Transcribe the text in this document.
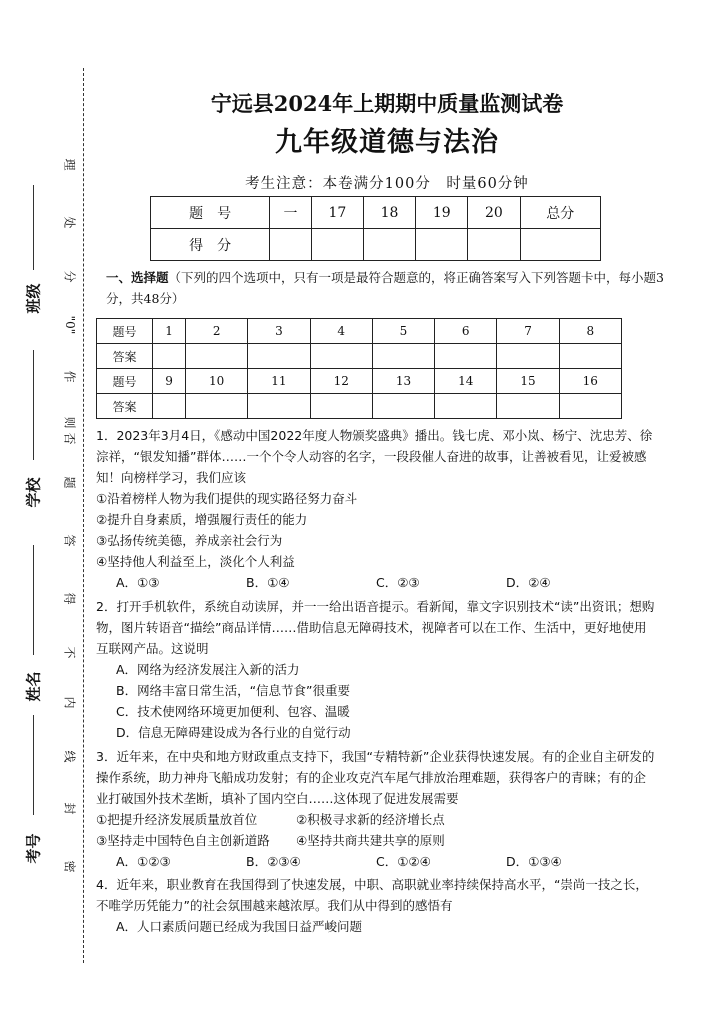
班级
学校
姓名
考号
理
处
分
"0"
作
则
否
题
答
得
不
内
线
封
密
宁远县2024年上期期中质量监测试卷
九年级道德与法治
考生注意：本卷满分100分　时量60分钟
题　号	一	17	18	19	20	总分
得　分						
一、选择题（下列的四个选项中，只有一项是最符合题意的，将正确答案写入下列答题卡中，每小题3分，共48分）
题号	1	2	3	4	5	6	7	8
答案								
题号	9	10	11	12	13	14	15	16
答案								

1．2023年3月4日，《感动中国2022年度人物颁奖盛典》播出。钱七虎、邓小岚、杨宁、沈忠芳、徐淙祥，“银发知播”群体……一个个令人动容的名字，一段段催人奋进的故事，让善被看见，让爱被感知！向榜样学习，我们应该

①沿着榜样人物为我们提供的现实路径努力奋斗

②提升自身素质，增强履行责任的能力

③弘扬传统美德，养成亲社会行为

④坚持他人利益至上，淡化个人利益

A．①③	B．①④	C．②③	D．②④

2．打开手机软件，系统自动读屏，并一一给出语音提示。看新闻，靠文字识别技术“读”出资讯；想购物，图片转语音“描绘”商品详情……借助信息无障碍技术，视障者可以在工作、生活中，更好地使用互联网产品。这说明

A．网络为经济发展注入新的活力

B．网络丰富日常生活，“信息节食”很重要

C．技术使网络环境更加便利、包容、温暖

D．信息无障碍建设成为各行业的自觉行动

3．近年来，在中央和地方财政重点支持下，我国“专精特新”企业获得快速发展。有的企业自主研发的操作系统，助力神舟飞船成功发射；有的企业攻克汽车尾气排放治理难题，获得客户的青睐；有的企业打破国外技术垄断，填补了国内空白……这体现了促进发展需要

①把提升经济发展质量放首位	②积极寻求新的经济增长点

③坚持走中国特色自主创新道路	④坚持共商共建共享的原则

A．①②③	B．②③④	C．①②④	D．①③④

4．近年来，职业教育在我国得到了快速发展，中职、高职就业率持续保持高水平，“崇尚一技之长，不唯学历凭能力”的社会氛围越来越浓厚。我们从中得到的感悟有

A．人口素质问题已经成为我国日益严峻问题
